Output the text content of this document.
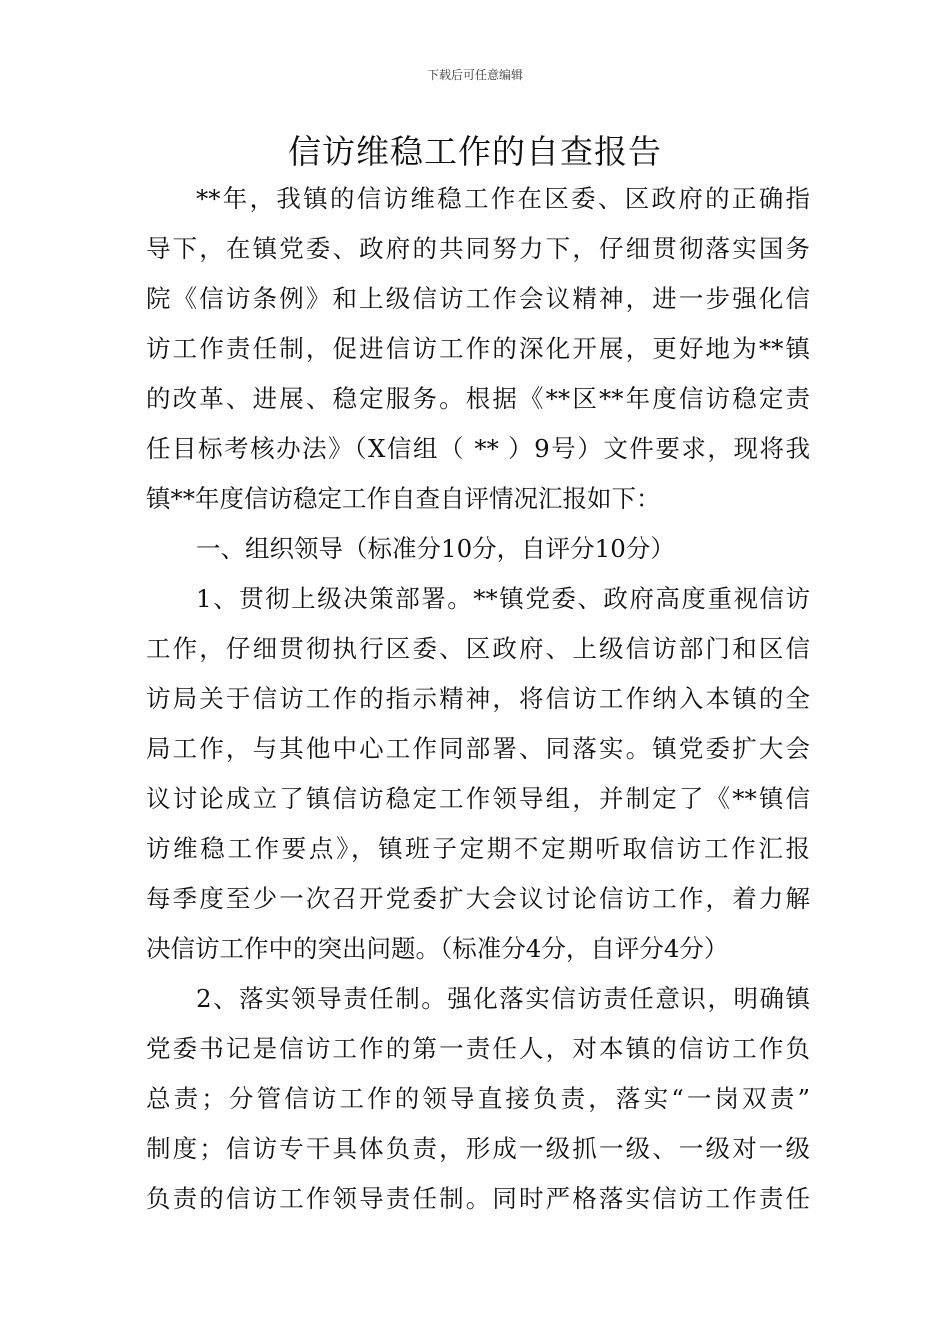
下载后可任意编辑
信访维稳工作的自查报告
**年，我镇的信访维稳工作在区委、区政府的正确指
导下，在镇党委、政府的共同努力下，仔细贯彻落实国务
院《信访条例》和上级信访工作会议精神，进一步强化信
访工作责任制，促进信访工作的深化开展，更好地为**镇
的改革、进展、稳定服务。根据《**区**年度信访稳定责
任目标考核办法》（X信组（ ** ）9号）文件要求，现将我
镇**年度信访稳定工作自查自评情况汇报如下：
一、组织领导（标准分10分，自评分10分）
1、贯彻上级决策部署。**镇党委、政府高度重视信访
工作，仔细贯彻执行区委、区政府、上级信访部门和区信
访局关于信访工作的指示精神，将信访工作纳入本镇的全
局工作，与其他中心工作同部署、同落实。镇党委扩大会
议讨论成立了镇信访稳定工作领导组，并制定了《**镇信
访维稳工作要点》，镇班子定期不定期听取信访工作汇报
每季度至少一次召开党委扩大会议讨论信访工作，着力解
决信访工作中的突出问题。（标准分4分，自评分4分）
2、落实领导责任制。强化落实信访责任意识，明确镇
党委书记是信访工作的第一责任人，对本镇的信访工作负
总责；分管信访工作的领导直接负责，落实“一岗双责”
制度；信访专干具体负责，形成一级抓一级、一级对一级
负责的信访工作领导责任制。同时严格落实信访工作责任
